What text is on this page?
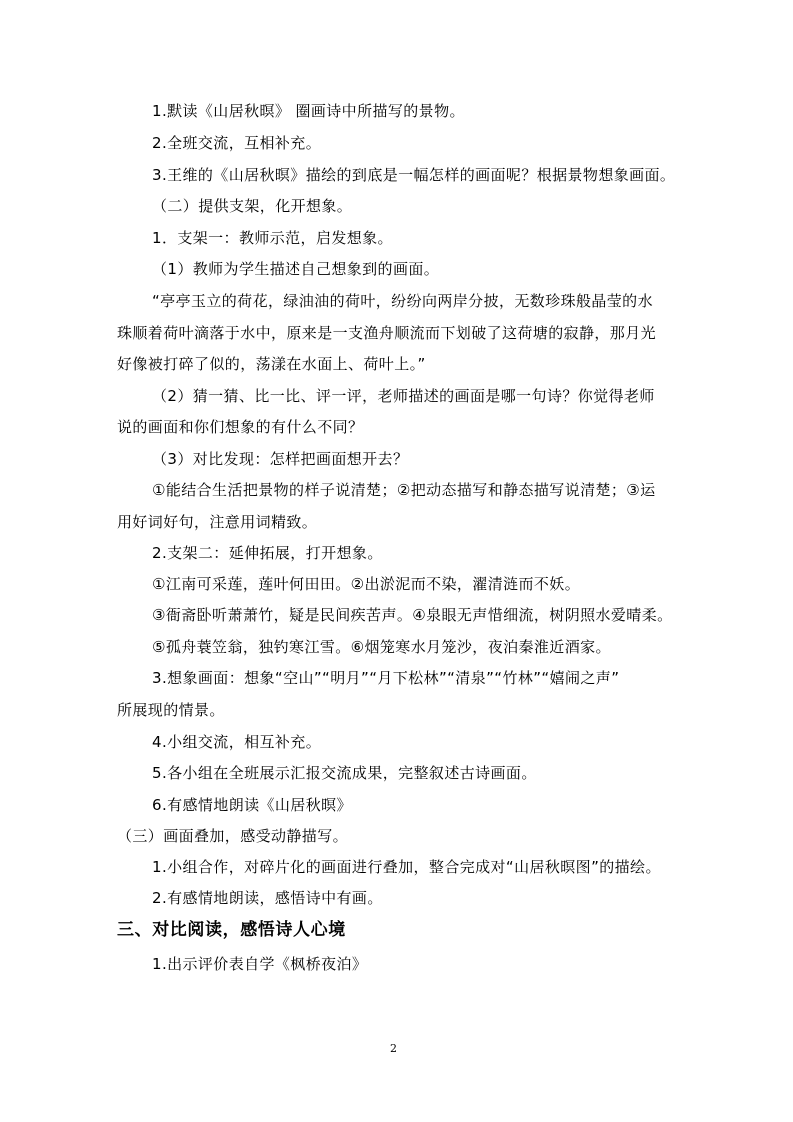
1.默读《山居秋暝》 圈画诗中所描写的景物。
2.全班交流，互相补充。
3.王维的《山居秋暝》描绘的到底是一幅怎样的画面呢？根据景物想象画面。
（二）提供支架，化开想象。
1．支架一：教师示范，启发想象。
（1）教师为学生描述自己想象到的画面。
“亭亭玉立的荷花，绿油油的荷叶，纷纷向两岸分披，无数珍珠般晶莹的水
珠顺着荷叶滴落于水中，原来是一支渔舟顺流而下划破了这荷塘的寂静，那月光
好像被打碎了似的，荡漾在水面上、荷叶上。”
（2）猜一猜、比一比、评一评，老师描述的画面是哪一句诗？你觉得老师
说的画面和你们想象的有什么不同？
（3）对比发现：怎样把画面想开去？
①能结合生活把景物的样子说清楚；②把动态描写和静态描写说清楚；③运
用好词好句，注意用词精致。
2.支架二：延伸拓展，打开想象。
①江南可采莲，莲叶何田田。②出淤泥而不染，濯清涟而不妖。
③衙斋卧听萧萧竹，疑是民间疾苦声。④泉眼无声惜细流，树阴照水爱晴柔。
⑤孤舟蓑笠翁，独钓寒江雪。⑥烟笼寒水月笼沙，夜泊秦淮近酒家。
3.想象画面：想象“空山”“明月”“月下松林”“清泉”“竹林”“嬉闹之声”
所展现的情景。
4.小组交流，相互补充。
5.各小组在全班展示汇报交流成果，完整叙述古诗画面。
6.有感情地朗读《山居秋暝》
（三）画面叠加，感受动静描写。
1.小组合作，对碎片化的画面进行叠加，整合完成对“山居秋暝图”的描绘。
2.有感情地朗读，感悟诗中有画。
三、对比阅读，感悟诗人心境
1.出示评价表自学《枫桥夜泊》
2
